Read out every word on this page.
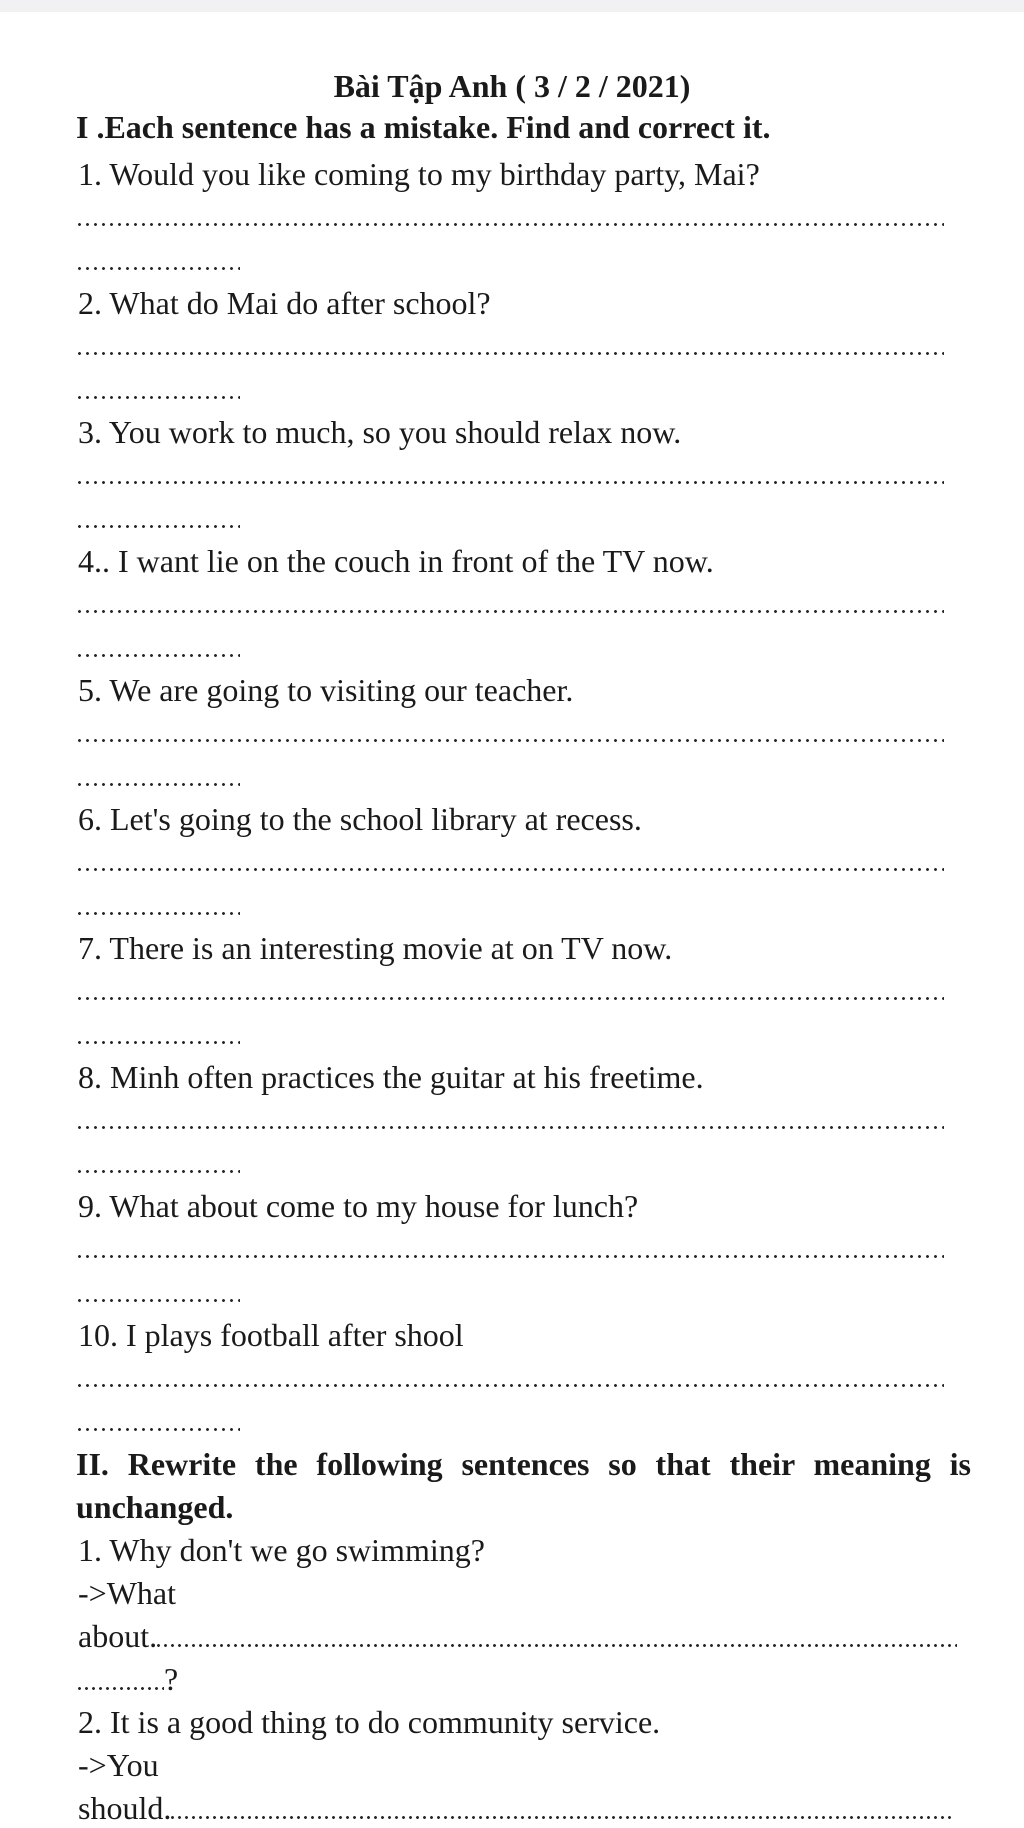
Bài Tập Anh ( 3 / 2 / 2021)
I .Each sentence has a mistake. Find and correct it.
1. Would you like coming to my birthday party, Mai?
2. What do Mai do after school?
3. You work to much, so you should relax now.
4.. I want lie on the couch in front of the TV now.
5. We are going to visiting our teacher.
6. Let's going to the school library at recess.
7. There is an interesting movie at on TV now.
8. Minh often practices the guitar at his freetime.
9. What about come to my house for lunch?
10. I plays football after shool
II. Rewrite the following sentences so that their meaning is unchanged.
1. Why don't we go swimming?
->What
about.
?
2. It is a good thing to do community service.
->You
should.
